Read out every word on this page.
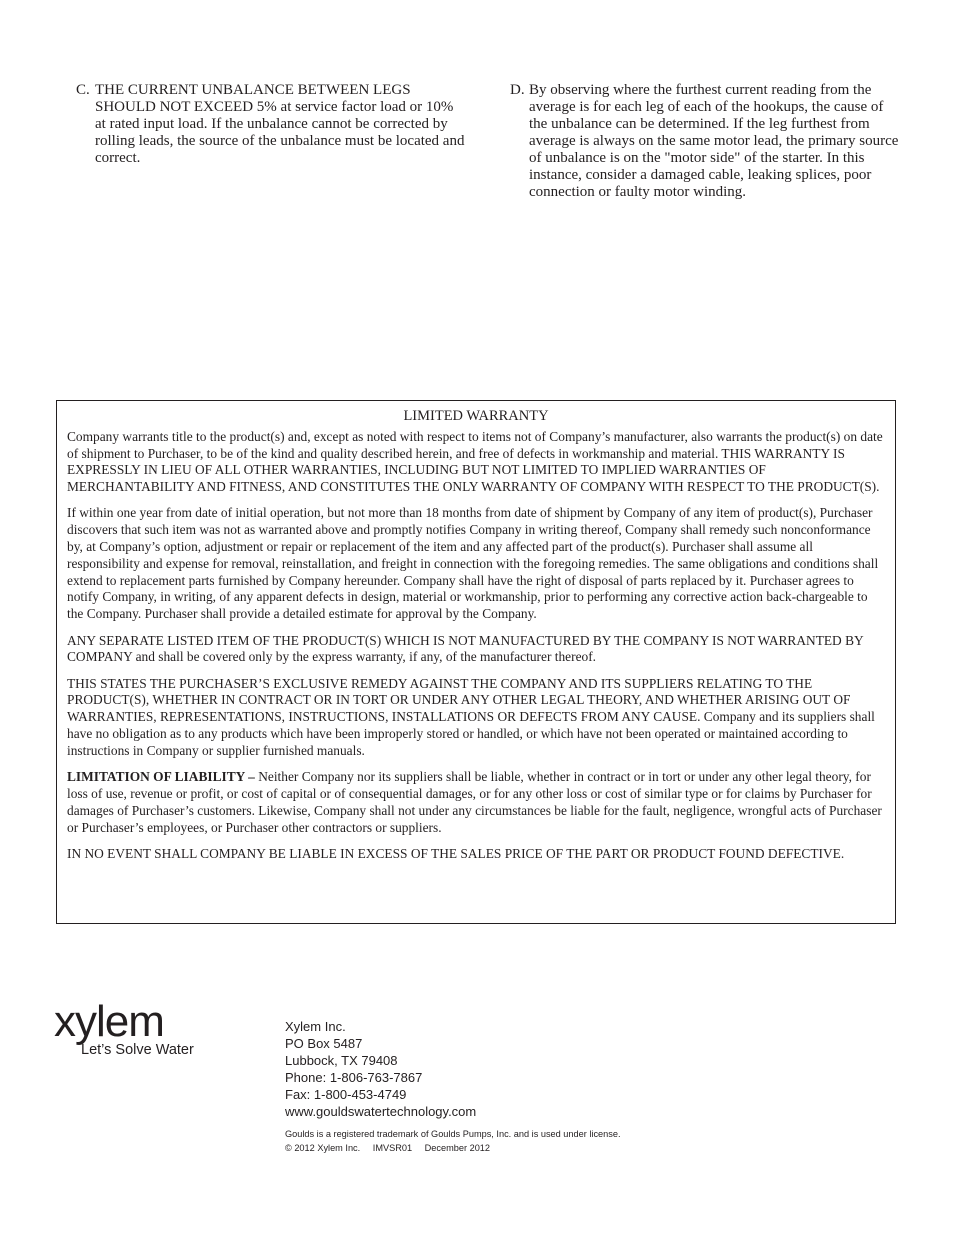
C. THE CURRENT UNBALANCE BETWEEN LEGS SHOULD NOT EXCEED 5% at service factor load or 10% at rated input load. If the unbalance cannot be corrected by rolling leads, the source of the unbalance must be located and correct.
D. By observing where the furthest current reading from the average is for each leg of each of the hookups, the cause of the unbalance can be determined. If the leg furthest from average is always on the same motor lead, the primary source of unbalance is on the "motor side" of the starter. In this instance, consider a damaged cable, leaking splices, poor connection or faulty motor winding.
LIMITED WARRANTY

Company warrants title to the product(s) and, except as noted with respect to items not of Company’s manufacturer, also warrants the product(s) on date of shipment to Purchaser, to be of the kind and quality described herein, and free of defects in workmanship and material. THIS WARRANTY IS EXPRESSLY IN LIEU OF ALL OTHER WARRANTIES, INCLUDING BUT NOT LIMITED TO IMPLIED WARRANTIES OF MERCHANTABILITY AND FITNESS, AND CONSTITUTES THE ONLY WARRANTY OF COMPANY WITH RESPECT TO THE PRODUCT(S).

If within one year from date of initial operation, but not more than 18 months from date of shipment by Company of any item of product(s), Purchaser discovers that such item was not as warranted above and promptly notifies Company in writing thereof, Company shall remedy such nonconformance by, at Company’s option, adjustment or repair or replacement of the item and any affected part of the product(s). Purchaser shall assume all responsibility and expense for removal, reinstallation, and freight in connection with the foregoing remedies. The same obligations and conditions shall extend to replacement parts furnished by Company hereunder. Company shall have the right of disposal of parts replaced by it. Purchaser agrees to notify Company, in writing, of any apparent defects in design, material or workmanship, prior to performing any corrective action back-chargeable to the Company. Purchaser shall provide a detailed estimate for approval by the Company.

ANY SEPARATE LISTED ITEM OF THE PRODUCT(S) WHICH IS NOT MANUFACTURED BY THE COMPANY IS NOT WARRANTED BY COMPANY and shall be covered only by the express warranty, if any, of the manufacturer thereof.

THIS STATES THE PURCHASER’S EXCLUSIVE REMEDY AGAINST THE COMPANY AND ITS SUPPLIERS RELATING TO THE PRODUCT(S), WHETHER IN CONTRACT OR IN TORT OR UNDER ANY OTHER LEGAL THEORY, AND WHETHER ARISING OUT OF WARRANTIES, REPRESENTATIONS, INSTRUCTIONS, INSTALLATIONS OR DEFECTS FROM ANY CAUSE. Company and its suppliers shall have no obligation as to any products which have been improperly stored or handled, or which have not been operated or maintained according to instructions in Company or supplier furnished manuals.

LIMITATION OF LIABILITY – Neither Company nor its suppliers shall be liable, whether in contract or in tort or under any other legal theory, for loss of use, revenue or profit, or cost of capital or of consequential damages, or for any other loss or cost of similar type or for claims by Purchaser for damages of Purchaser’s customers. Likewise, Company shall not under any circumstances be liable for the fault, negligence, wrongful acts of Purchaser or Purchaser’s employees, or Purchaser other contractors or suppliers.

IN NO EVENT SHALL COMPANY BE LIABLE IN EXCESS OF THE SALES PRICE OF THE PART OR PRODUCT FOUND DEFECTIVE.

xylem
Let’s Solve Water
Xylem Inc.
PO Box 5487
Lubbock, TX 79408
Phone: 1-806-763-7867
Fax: 1-800-453-4749
www.gouldswatertechnology.com
Goulds is a registered trademark of Goulds Pumps, Inc. and is used under license.
© 2012 Xylem Inc. IMVSR01 December 2012
